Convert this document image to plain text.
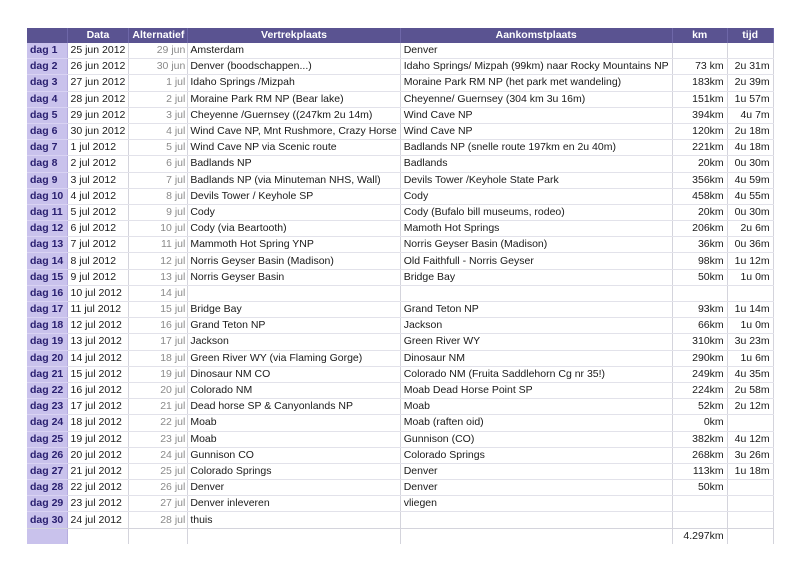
	Data	Alternatief	Vertrekplaats	Aankomstplaats	km	tijd
dag 1	25 jun 2012	29 jun	Amsterdam	Denver		
dag 2	26 jun 2012	30 jun	Denver (boodschappen...)	Idaho Springs/ Mizpah (99km) naar Rocky Mountains NP	73 km	2u 31m
dag 3	27 jun 2012	1 jul	Idaho Springs /Mizpah	Moraine Park RM NP (het park met wandeling)	183km	2u 39m
dag 4	28 jun 2012	2 jul	Moraine Park RM NP (Bear lake)	Cheyenne/ Guernsey (304 km 3u 16m)	151km	1u 57m
dag 5	29 jun 2012	3 jul	Cheyenne /Guernsey ((247km 2u 14m)	Wind Cave NP	394km	4u 7m
dag 6	30 jun 2012	4 jul	Wind Cave NP, Mnt Rushmore, Crazy Horse	Wind Cave NP	120km	2u 18m
dag 7	1 jul 2012	5 jul	Wind Cave NP via Scenic route	Badlands NP (snelle route 197km en 2u 40m)	221km	4u 18m
dag 8	2 jul 2012	6 jul	Badlands NP	Badlands	20km	0u 30m
dag 9	3 jul 2012	7 jul	Badlands NP (via Minuteman NHS, Wall)	Devils Tower /Keyhole State Park	356km	4u 59m
dag 10	4 jul 2012	8 jul	Devils Tower / Keyhole SP	Cody	458km	4u 55m
dag 11	5 jul 2012	9 jul	Cody	Cody (Bufalo bill museums, rodeo)	20km	0u 30m
dag 12	6 jul 2012	10 jul	Cody (via Beartooth)	Mamoth Hot Springs	206km	2u 6m
dag 13	7 jul 2012	11 jul	Mammoth Hot Spring YNP	Norris Geyser Basin (Madison)	36km	0u 36m
dag 14	8 jul 2012	12 jul	Norris Geyser Basin (Madison)	Old Faithfull - Norris Geyser	98km	1u 12m
dag 15	9 jul 2012	13 jul	Norris Geyser Basin	Bridge Bay	50km	1u 0m
dag 16	10 jul 2012	14 jul				
dag 17	11 jul 2012	15 jul	Bridge Bay	Grand Teton NP	93km	1u 14m
dag 18	12 jul 2012	16 jul	Grand Teton NP	Jackson	66km	1u 0m
dag 19	13 jul 2012	17 jul	Jackson	Green River WY	310km	3u 23m
dag 20	14 jul 2012	18 jul	Green River WY (via Flaming Gorge)	Dinosaur NM	290km	1u 6m
dag 21	15 jul 2012	19 jul	Dinosaur NM CO	Colorado NM (Fruita Saddlehorn Cg nr 35!)	249km	4u 35m
dag 22	16 jul 2012	20 jul	Colorado NM	Moab Dead Horse Point SP	224km	2u 58m
dag 23	17 jul 2012	21 jul	Dead horse SP & Canyonlands NP	Moab	52km	2u 12m
dag 24	18 jul 2012	22 jul	Moab	Moab (raften oid)	0km	
dag 25	19 jul 2012	23 jul	Moab	Gunnison (CO)	382km	4u 12m
dag 26	20 jul 2012	24 jul	Gunnison CO	Colorado Springs	268km	3u 26m
dag 27	21 jul 2012	25 jul	Colorado Springs	Denver	113km	1u 18m
dag 28	22 jul 2012	26 jul	Denver	Denver	50km	
dag 29	23 jul 2012	27 jul	Denver inleveren	vliegen		
dag 30	24 jul 2012	28 jul	thuis			
					4.297km	
